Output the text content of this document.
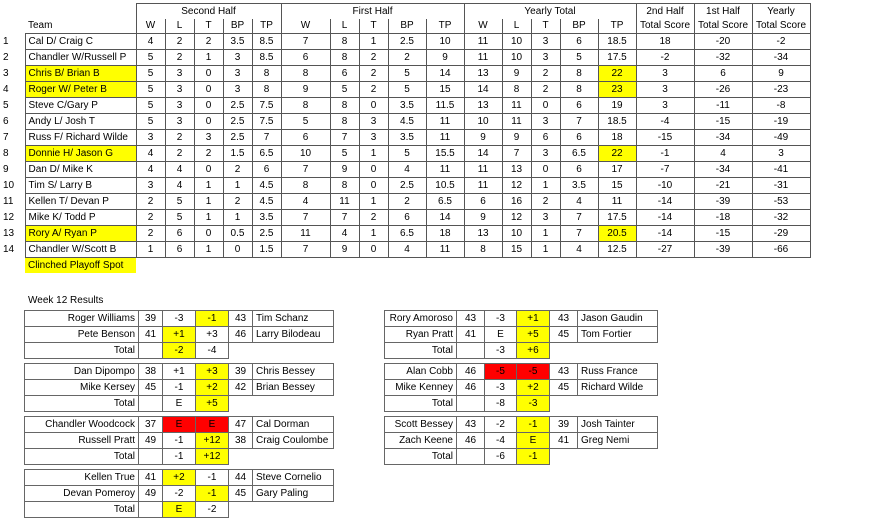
		Second Half					First Half					Yearly Total					2nd Half	1st Half	Yearly
	Team	W	L	T	BP	TP	W	L	T	BP	TP	W	L	T	BP	TP	Total Score	Total Score	Total Score
1	Cal D/ Craig C	4	2	2	3.5	8.5	7	8	1	2.5	10	11	10	3	6	18.5	18	-20	-2
2	Chandler W/Russell P	5	2	1	3	8.5	6	8	2	2	9	11	10	3	5	17.5	-2	-32	-34
3	Chris B/ Brian B	5	3	0	3	8	8	6	2	5	14	13	9	2	8	22	3	6	9
4	Roger W/ Peter B	5	3	0	3	8	9	5	2	5	15	14	8	2	8	23	3	-26	-23
5	Steve C/Gary P	5	3	0	2.5	7.5	8	8	0	3.5	11.5	13	11	0	6	19	3	-11	-8
6	Andy L/ Josh T	5	3	0	2.5	7.5	5	8	3	4.5	11	10	11	3	7	18.5	-4	-15	-19
7	Russ F/ Richard Wilde	3	2	3	2.5	7	6	7	3	3.5	11	9	9	6	6	18	-15	-34	-49
8	Donnie H/ Jason G	4	2	2	1.5	6.5	10	5	1	5	15.5	14	7	3	6.5	22	-1	4	3
9	Dan D/ Mike K	4	4	0	2	6	7	9	0	4	11	11	13	0	6	17	-7	-34	-41
10	Tim S/ Larry B	3	4	1	1	4.5	8	8	0	2.5	10.5	11	12	1	3.5	15	-10	-21	-31
11	Kellen T/ Devan P	2	5	1	2	4.5	4	11	1	2	6.5	6	16	2	4	11	-14	-39	-53
12	Mike K/ Todd P	2	5	1	1	3.5	7	7	2	6	14	9	12	3	7	17.5	-14	-18	-32
13	Rory A/ Ryan P	2	6	0	0.5	2.5	11	4	1	6.5	18	13	10	1	7	20.5	-14	-15	-29
14	Chandler W/Scott B	1	6	1	0	1.5	7	9	0	4	11	8	15	1	4	12.5	-27	-39	-66
	Clinched Playoff Spot																		
Week 12 Results
Roger Williams	39	-3	-1	43	Tim Schanz
Pete Benson	41	+1	+3	46	Larry Bilodeau
Total		-2	-4		

Dan Dipompo	38	+1	+3	39	Chris Bessey
Mike Kersey	45	-1	+2	42	Brian Bessey
Total		E	+5		

Chandler Woodcock	37	E	E	47	Cal Dorman
Russell Pratt	49	-1	+12	38	Craig Coulombe
Total		-1	+12		

Kellen True	41	+2	-1	44	Steve Cornelio
Devan Pomeroy	49	-2	-1	45	Gary Paling
Total		E	-2		
Rory Amoroso	43	-3	+1	43	Jason Gaudin
Ryan Pratt	41	E	+5	45	Tom Fortier
Total		-3	+6		

Alan Cobb	46	-5	-5	43	Russ France
Mike Kenney	46	-3	+2	45	Richard Wilde
Total		-8	-3		

Scott Bessey	43	-2	-1	39	Josh Tainter
Zach Keene	46	-4	E	41	Greg Nemi
Total		-6	-1		
